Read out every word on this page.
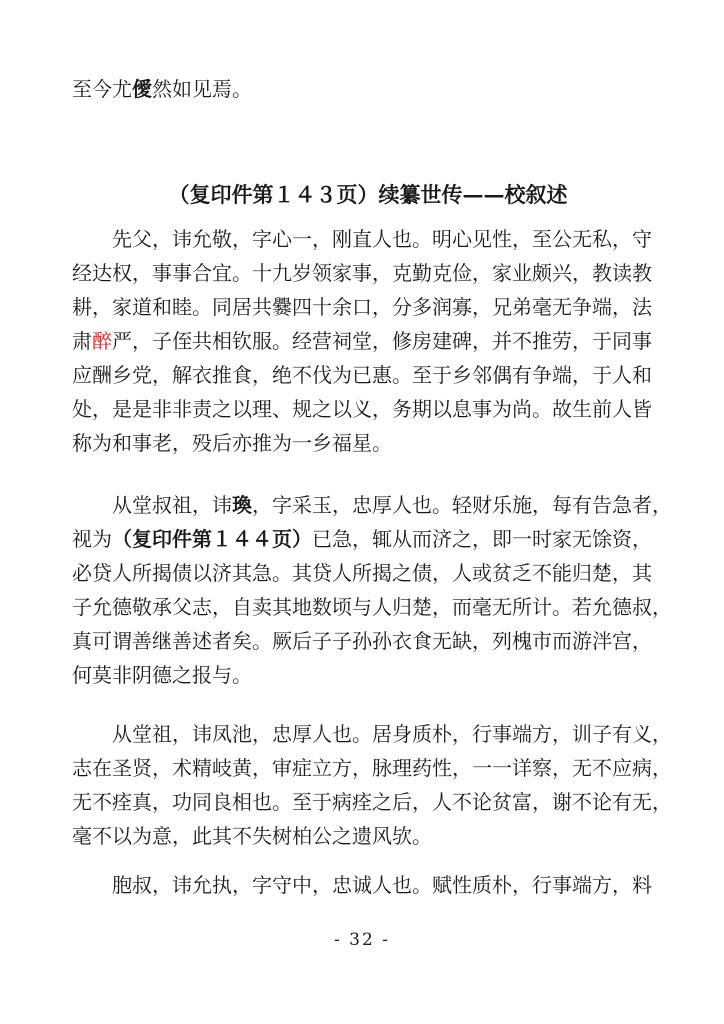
至今尤僾然如见焉。

（复印件第１４３页）续纂世传——校叙述

先父，讳允敬，字心一，刚直人也。明心见性，至公无私，守
经达权，事事合宜。十九岁领家事，克勤克俭，家业颇兴，教读教
耕，家道和睦。同居共爨四十余口，分多润寡，兄弟毫无争端，法
肃醉严，子侄共相钦服。经营祠堂，修房建碑，并不推劳，于同事
应酬乡党，解衣推食，绝不伐为已惠。至于乡邻偶有争端，于人和
处，是是非非责之以理、规之以义，务期以息事为尚。故生前人皆
称为和事老，殁后亦推为一乡福星。

从堂叔祖，讳瑍，字采玉，忠厚人也。轻财乐施，每有告急者，
视为（复印件第１４４页）已急，辄从而济之，即一时家无馀资，
必贷人所揭债以济其急。其贷人所揭之债，人或贫乏不能归楚，其
子允德敬承父志，自卖其地数顷与人归楚，而毫无所计。若允德叔，
真可谓善继善述者矣。厥后子子孙孙衣食无缺，列槐市而游泮宫，
何莫非阴德之报与。

从堂祖，讳凤池，忠厚人也。居身质朴，行事端方，训子有义，
志在圣贤，术精岐黄，审症立方，脉理药性，一一详察，无不应病，
无不痊真，功同良相也。至于病痊之后，人不论贫富，谢不论有无，
毫不以为意，此其不失树柏公之遗风欤。

胞叔，讳允执，字守中，忠诚人也。赋性质朴，行事端方，料

- 32 -
